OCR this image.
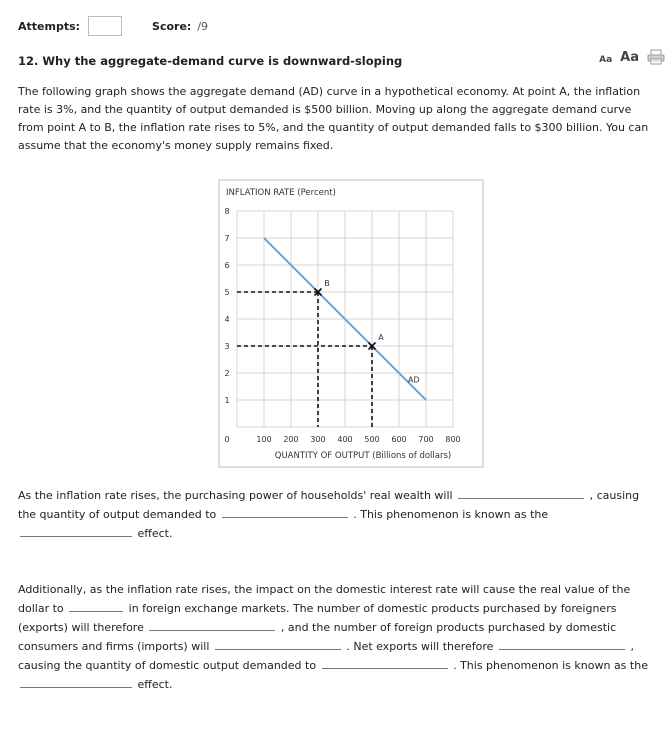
Attempts:	Score: /9
12. Why the aggregate-demand curve is downward-sloping	Aa Aa
The following graph shows the aggregate demand (AD) curve in a hypothetical economy. At point A, the inflation rate is 3%, and the quantity of output demanded is $500 billion. Moving up along the aggregate demand curve from point A to B, the inflation rate rises to 5%, and the quantity of output demanded falls to $300 billion. You can assume that the economy's money supply remains fixed.
INFLATION RATE (Percent)
QUANTITY OF OUTPUT (Billions of dollars)
0
1
2
3
4
5
6
7
8
100 200 300 400 500 600 700 800
AD
B
A
As the inflation rate rises, the purchasing power of households' real wealth will	, causing the quantity of output demanded to	. This phenomenon is known as the  effect.
Additionally, as the inflation rate rises, the impact on the domestic interest rate will cause the real value of the dollar to	in foreign exchange markets. The number of domestic products purchased by foreigners (exports) will therefore	, and the number of foreign products purchased by domestic consumers and firms (imports) will	. Net exports will therefore	, causing the quantity of domestic output demanded to	. This phenomenon is known as the  effect.
